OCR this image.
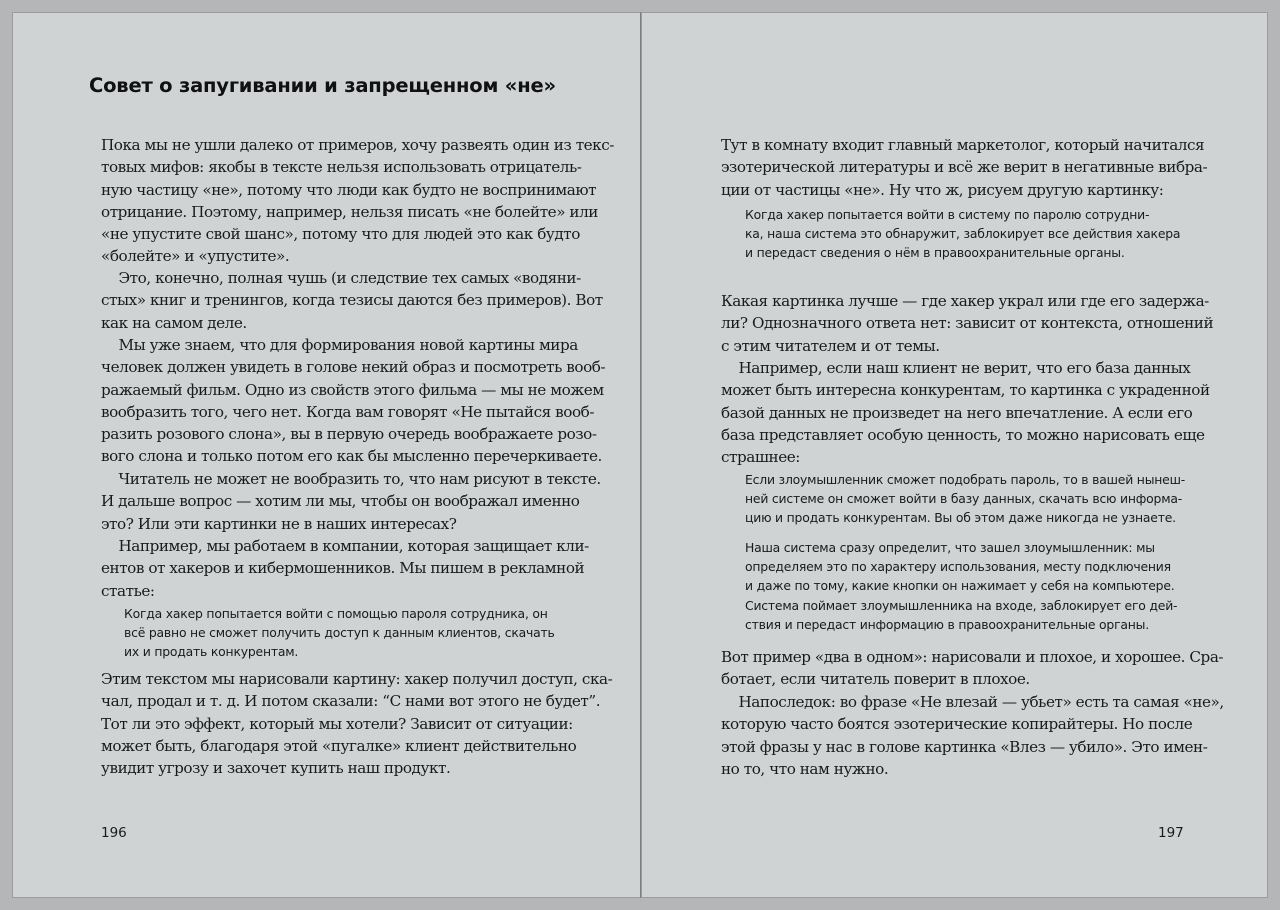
Совет о запугивании и запрещенном «не»

Пока мы не ушли далеко от примеров, хочу развеять один из текс-
товых мифов: якобы в тексте нельзя использовать отрицатель-
ную частицу «не», потому что люди как будто не воспринимают
отрицание. Поэтому, например, нельзя писать «не болейте» или
«не упустите свой шанс», потому что для людей это как будто
«болейте» и «упустите».

Это, конечно, полная чушь (и следствие тех самых «водяни-
стых» книг и тренингов, когда тезисы даются без примеров). Вот
как на самом деле.

Мы уже знаем, что для формирования новой картины мира
человек должен увидеть в голове некий образ и посмотреть вооб-
ражаемый фильм. Одно из свойств этого фильма — мы не можем
вообразить того, чего нет. Когда вам говорят «Не пытайся вооб-
разить розового слона», вы в первую очередь воображаете розо-
вого слона и только потом его как бы мысленно перечеркиваете.

Читатель не может не вообразить то, что нам рисуют в тексте.
И дальше вопрос — хотим ли мы, чтобы он воображал именно
это? Или эти картинки не в наших интересах?

Например, мы работаем в компании, которая защищает кли-
ентов от хакеров и кибермошенников. Мы пишем в рекламной
статье:

Когда хакер попытается войти с помощью пароля сотрудника, он
всё равно не сможет получить доступ к данным клиентов, скачать
их и продать конкурентам.

Этим текстом мы нарисовали картину: хакер получил доступ, ска-
чал, продал и т. д. И потом сказали: “С нами вот этого не будет”.
Тот ли это эффект, который мы хотели? Зависит от ситуации:
может быть, благодаря этой «пугалке» клиент действительно
увидит угрозу и захочет купить наш продукт.

196

Тут в комнату входит главный маркетолог, который начитался
эзотерической литературы и всё же верит в негативные вибра-
ции от частицы «не». Ну что ж, рисуем другую картинку:

Когда хакер попытается войти в систему по паролю сотрудни-
ка, наша система это обнаружит, заблокирует все действия хакера
и передаст сведения о нём в правоохранительные органы.

Какая картинка лучше — где хакер украл или где его задержа-
ли? Однозначного ответа нет: зависит от контекста, отношений
с этим читателем и от темы.

Например, если наш клиент не верит, что его база данных
может быть интересна конкурентам, то картинка с украденной
базой данных не произведет на него впечатление. А если его
база представляет особую ценность, то можно нарисовать еще
страшнее:

Если злоумышленник сможет подобрать пароль, то в вашей нынеш-
ней системе он сможет войти в базу данных, скачать всю информа-
цию и продать конкурентам. Вы об этом даже никогда не узнаете.

Наша система сразу определит, что зашел злоумышленник: мы
определяем это по характеру использования, месту подключения
и даже по тому, какие кнопки он нажимает у себя на компьютере.
Система поймает злоумышленника на входе, заблокирует его дей-
ствия и передаст информацию в правоохранительные органы.

Вот пример «два в одном»: нарисовали и плохое, и хорошее. Сра-
ботает, если читатель поверит в плохое.

Напоследок: во фразе «Не влезай — убьет» есть та самая «не»,
которую часто боятся эзотерические копирайтеры. Но после
этой фразы у нас в голове картинка «Влез — убило». Это имен-
но то, что нам нужно.

197
